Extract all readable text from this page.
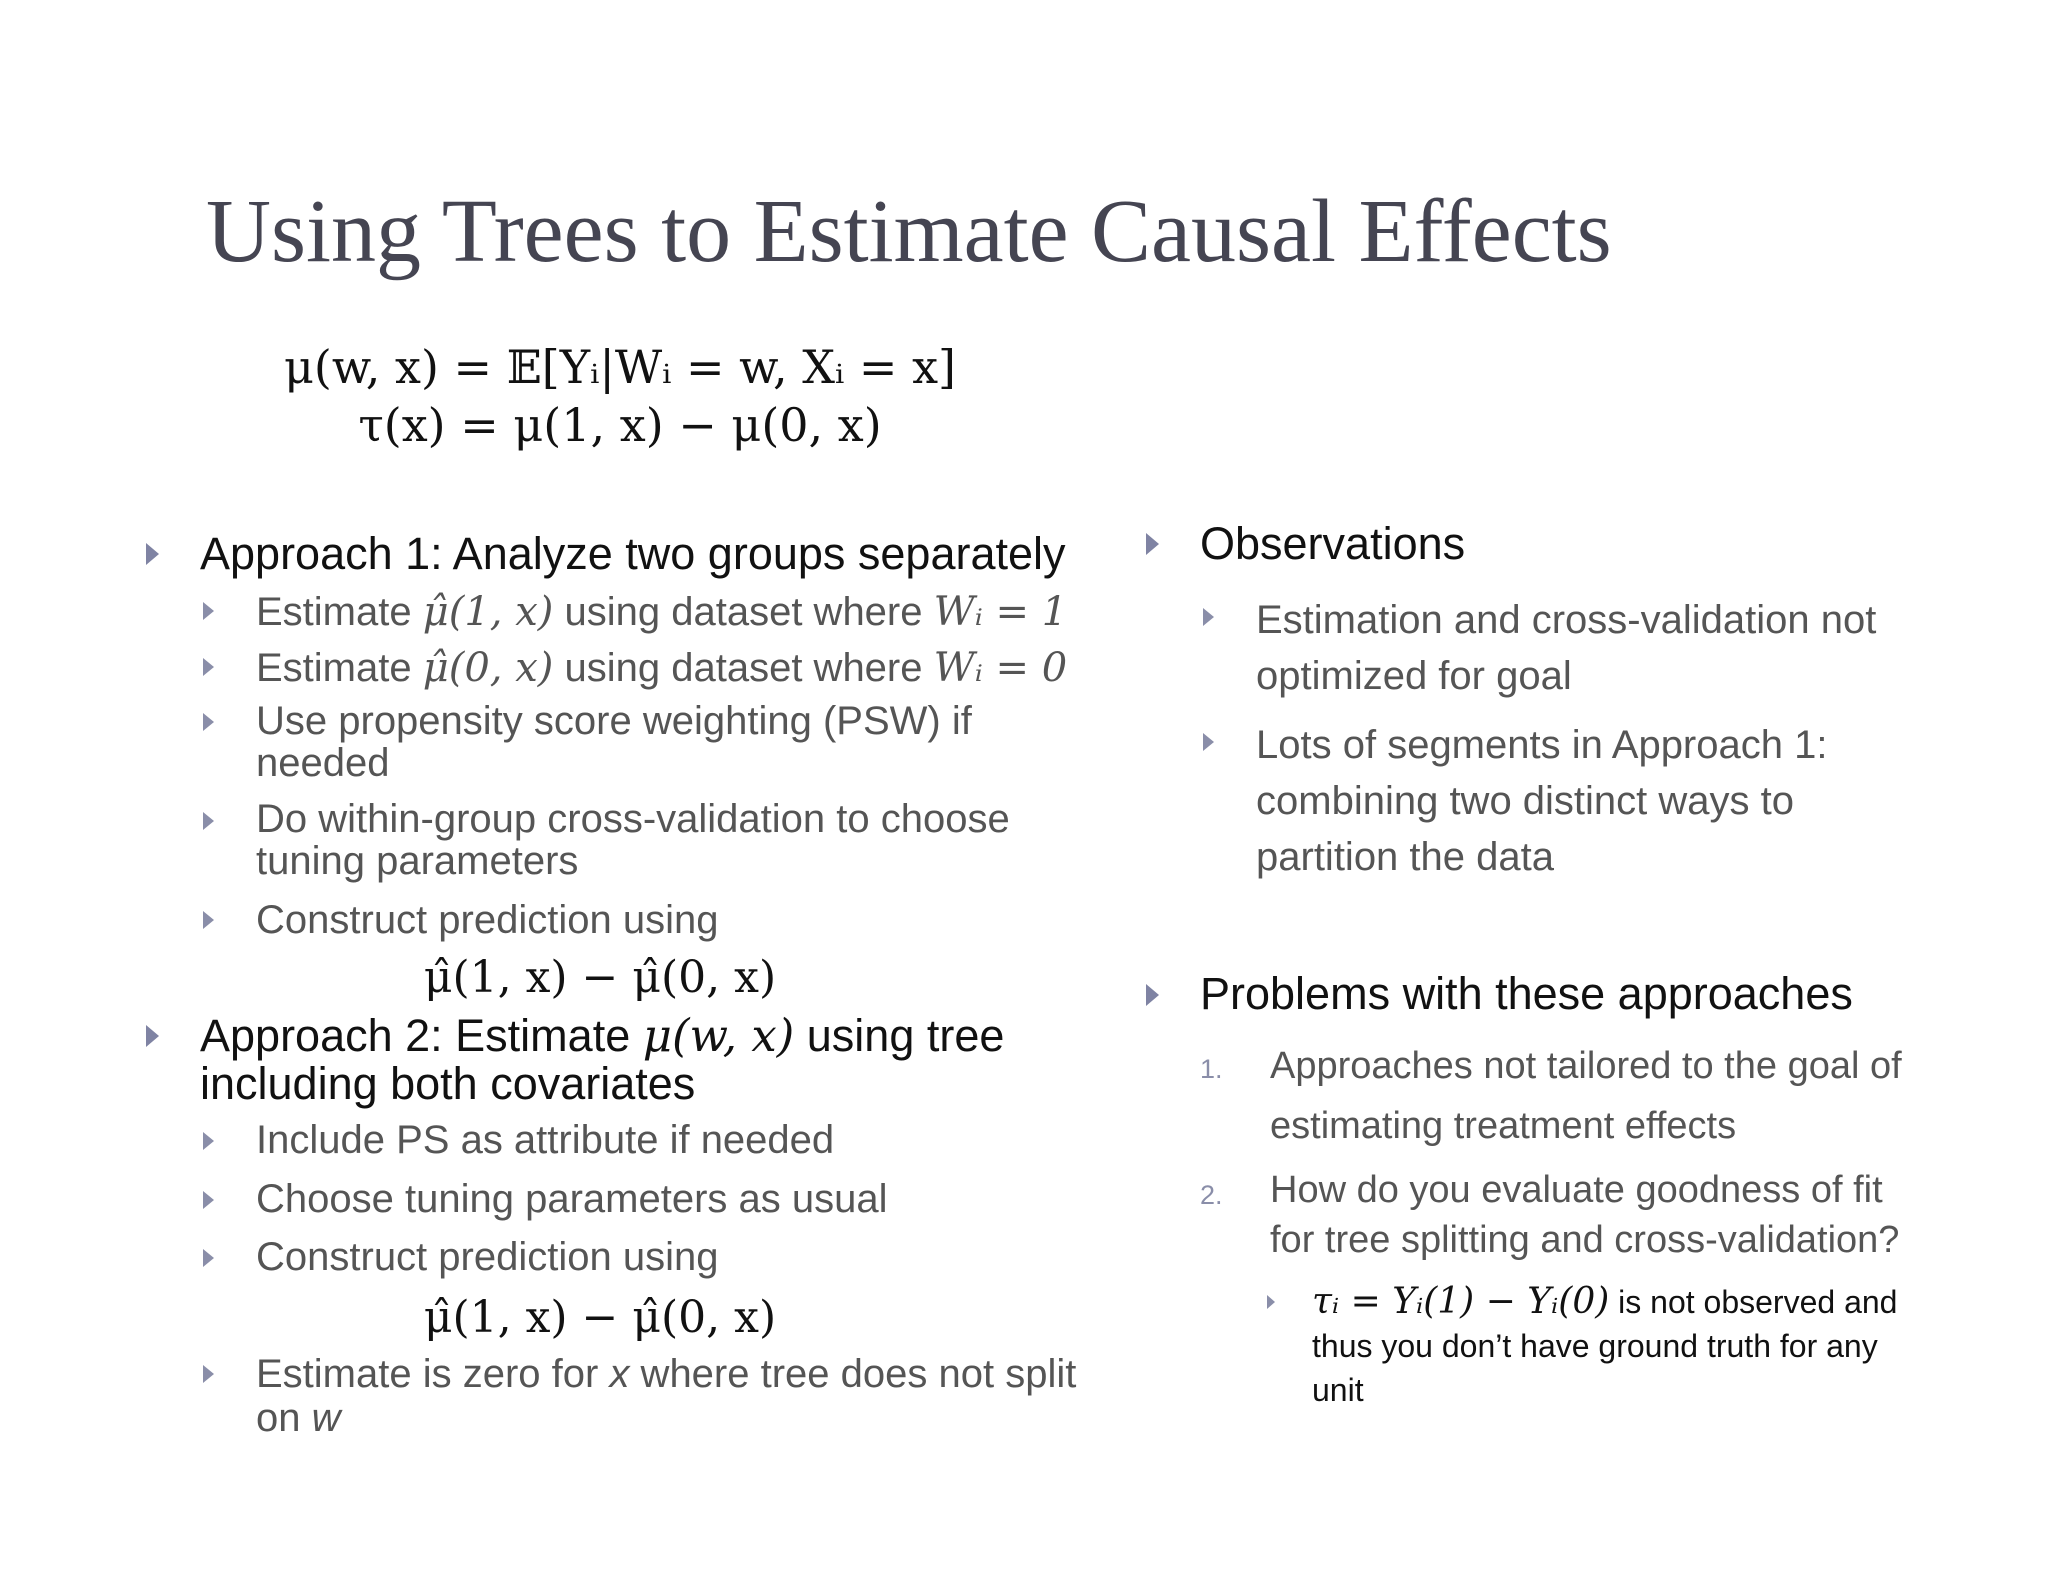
Using Trees to Estimate Causal Effects
μ(w, x) = 𝔼[Yᵢ|Wᵢ = w, Xᵢ = x]
τ(x) = μ(1, x) − μ(0, x)
Approach 1: Analyze two groups separately
Estimate μ̂(1, x) using dataset where Wᵢ = 1
Estimate μ̂(0, x) using dataset where Wᵢ = 0
Use propensity score weighting (PSW) if needed
Do within-group cross-validation to choose tuning parameters
Construct prediction using
μ̂(1, x) − μ̂(0, x)
Approach 2: Estimate μ(w, x) using tree
including both covariates
Include PS as attribute if needed
Choose tuning parameters as usual
Construct prediction using
μ̂(1, x) − μ̂(0, x)
Estimate is zero for x where tree does not split on w
Observations
Estimation and cross-validation not optimized for goal
Lots of segments in Approach 1: combining two distinct ways to partition the data
Problems with these approaches
1. Approaches not tailored to the goal of estimating treatment effects
2. How do you evaluate goodness of fit for tree splitting and cross-validation?
τᵢ = Yᵢ(1) − Yᵢ(0) is not observed and thus you don’t have ground truth for any unit
